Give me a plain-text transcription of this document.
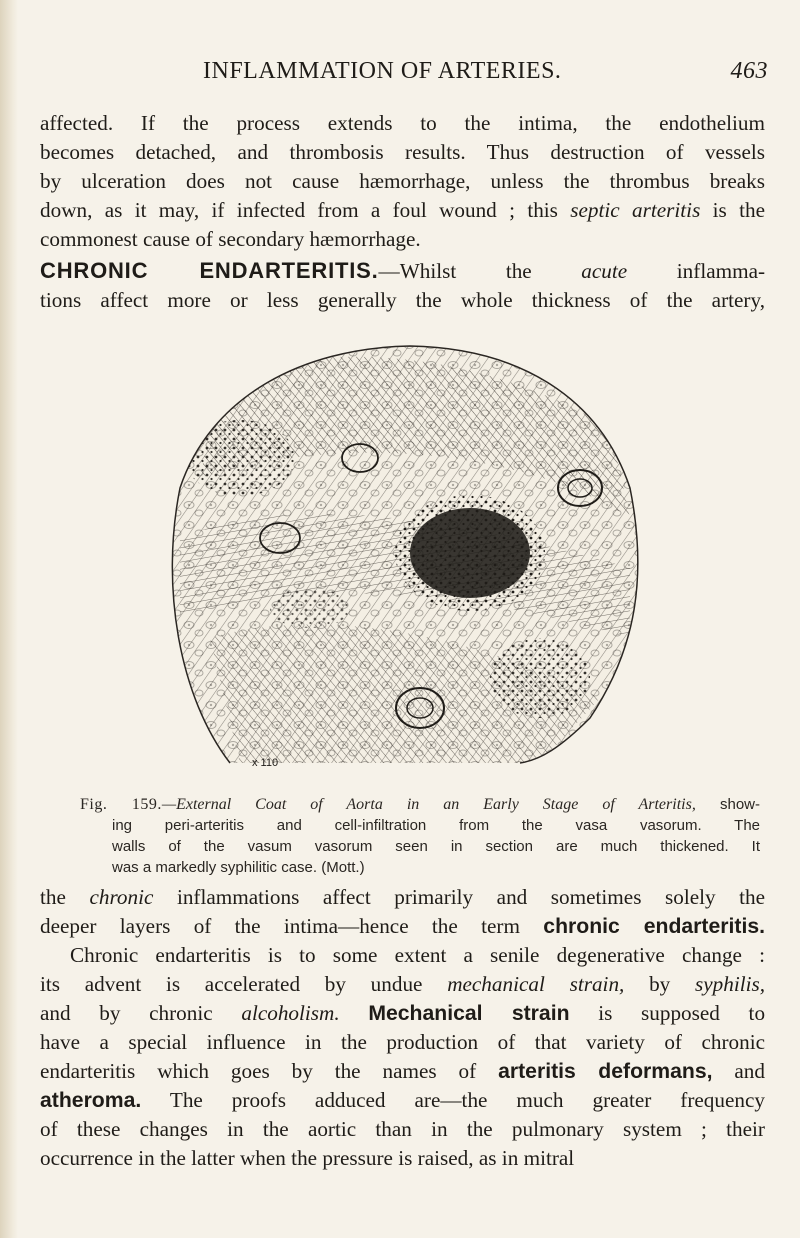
INFLAMMATION OF ARTERIES.	463
affected. If the process extends to the intima, the endothelium
becomes detached, and thrombosis results. Thus destruction of vessels
by ulceration does not cause hæmorrhage, unless the thrombus breaks
down, as it may, if infected from a foul wound ; this septic arteritis is the
commonest cause of secondary hæmorrhage.
CHRONIC ENDARTERITIS.—Whilst the acute inflamma-
tions affect more or less generally the whole thickness of the artery,
x 110
Fig. 159.—External Coat of Aorta in an Early Stage of Arteritis, show-
ing peri-arteritis and cell-infiltration from the vasa vasorum. The
walls of the vasum vasorum seen in section are much thickened. It
was a markedly syphilitic case. (Mott.)
the chronic inflammations affect primarily and sometimes solely the
deeper layers of the intima—hence the term chronic endarteritis.
Chronic endarteritis is to some extent a senile degenerative change :
its advent is accelerated by undue mechanical strain, by syphilis,
and by chronic alcoholism. Mechanical strain is supposed to
have a special influence in the production of that variety of chronic
endarteritis which goes by the names of arteritis deformans, and
atheroma. The proofs adduced are—the much greater frequency
of these changes in the aortic than in the pulmonary system ; their
occurrence in the latter when the pressure is raised, as in mitral
